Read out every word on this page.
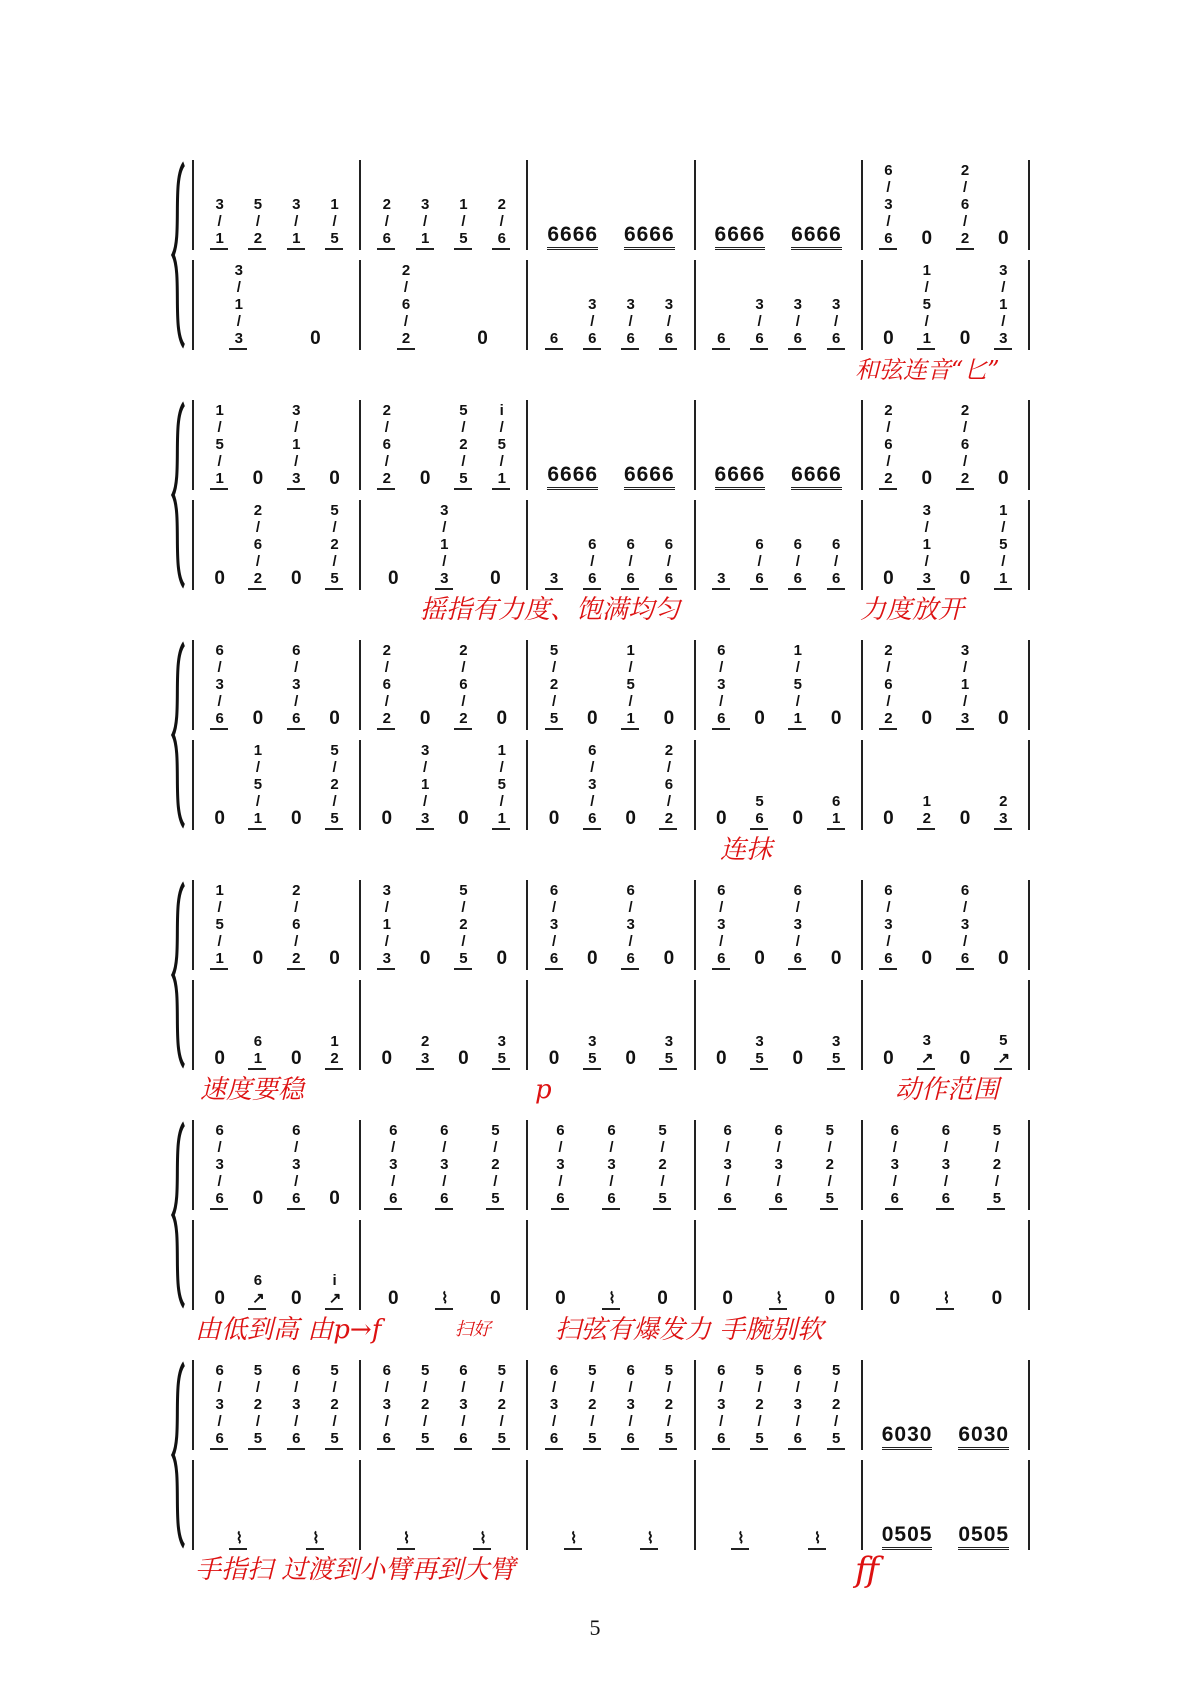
3/1 5/2 3/1 1/5 2/6 3/1 1/5 2/6 6666 6666 6666 6666	6/3/6 0 2/6/2 0
3/1/3	0	2/6/2	0	6 3/6 3/6 3/6 6 3/6 3/6 3/6 0 1/5/1 0 3/1/3
1/5/1 0 3/1/3 0 2/6/2 0 5/2/5 i/5/1 6666 6666 6666 6666	2/6/2 0 2/6/2 0
0 2/6/2 0 5/2/5 0 3/1/3 0	3 6/6 6/6 6/6 3 6/6 6/6 6/6 0 3/1/3 0 1/5/1
6/3/6 0 6/3/6 0 2/6/2 0 2/6/2 0 5/2/5 0 1/5/1 0 6/3/6 0 1/5/1 0 2/6/2 0 3/1/3 0
0 1/5/1 0 5/2/5 0 3/1/3 0 1/5/1 0 6/3/6 0 2/6/2 0 56 0 61 0 12 0 23
1/5/1 0 2/6/2 0 3/1/3 0 5/2/5 0 6/3/6 0 6/3/6 0 6/3/6 0 6/3/6 0 6/3/6 0 6/3/6 0
0 61 0 12 0 23 0 35 0 35 0 35 0 35 0 35 0 3↗ 0 5↗
6/3/6 0 6/3/6 0	6/3/6 6/3/6 5/2/5	6/3/6 6/3/6 5/2/5	6/3/6 6/3/6 5/2/5	6/3/6 6/3/6 5/2/5
0 6↗ 0 i↗ 0 ⌇ 0 0 ⌇ 0 0 ⌇ 0 0 ⌇ 0
6/3/6 5/2/5 6/3/6 5/2/5 6/3/6 5/2/5 6/3/6 5/2/5 6/3/6 5/2/5 6/3/6 5/2/5 6/3/6 5/2/5 6/3/6 5/2/5 6030 6030
⌇	⌇	⌇	⌇	⌇	⌇	⌇	⌇	0505 0505
和弦连音“匕”
摇指有力度、饱满均匀	力度放开
连抹
速度要稳	p	动作范围
由低到高 由p→f	扫好 扫弦有爆发力 手腕别软
手指扫 过渡到小臂再到大臂	ff
5
